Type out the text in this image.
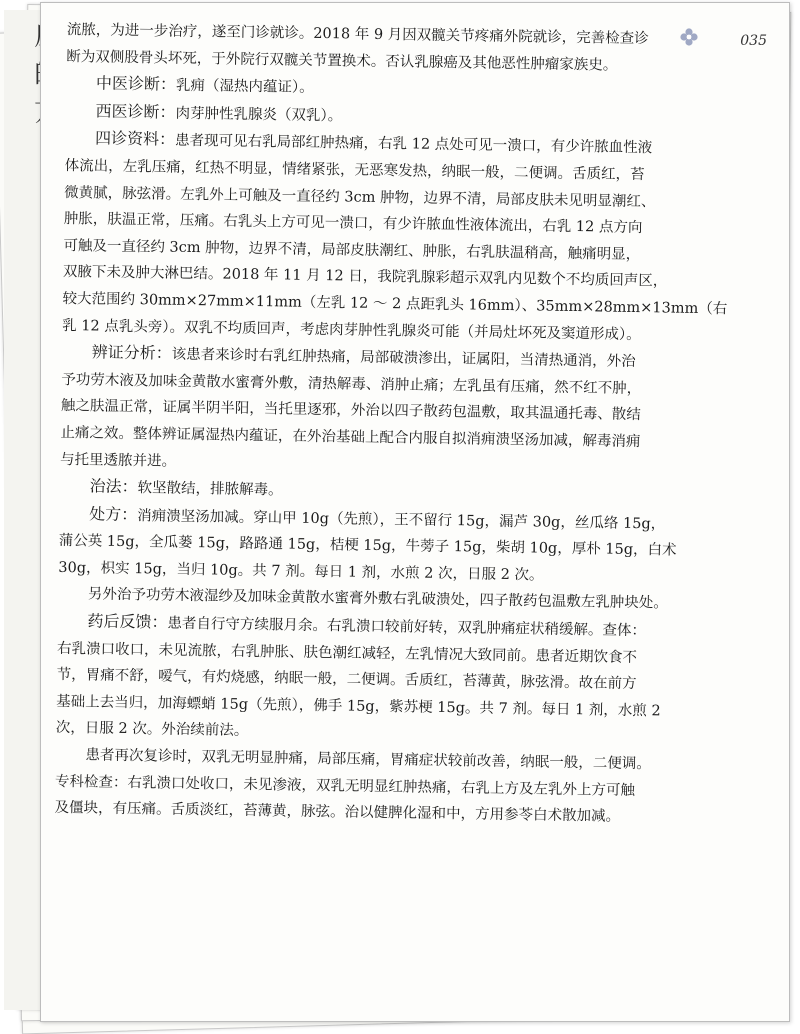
035

流脓，为进一步治疗，遂至门诊就诊。2018 年 9 月因双髋关节疼痛外院就诊，完善检查诊

断为双侧股骨头坏死，于外院行双髋关节置换术。否认乳腺癌及其他恶性肿瘤家族史。

中医诊断：乳痈（湿热内蕴证）。

西医诊断：肉芽肿性乳腺炎（双乳）。

四诊资料：患者现可见右乳局部红肿热痛，右乳 12 点处可见一溃口，有少许脓血性液

体流出，左乳压痛，红热不明显，情绪紧张，无恶寒发热，纳眠一般，二便调。舌质红，苔

微黄腻，脉弦滑。左乳外上可触及一直径约 3cm 肿物，边界不清，局部皮肤未见明显潮红、

肿胀，肤温正常，压痛。右乳头上方可见一溃口，有少许脓血性液体流出，右乳 12 点方向

可触及一直径约 3cm 肿物，边界不清，局部皮肤潮红、肿胀，右乳肤温稍高，触痛明显，

双腋下未及肿大淋巴结。2018 年 11 月 12 日，我院乳腺彩超示双乳内见数个不均质回声区，

较大范围约 30mm×27mm×11mm（左乳 12 ～ 2 点距乳头 16mm）、35mm×28mm×13mm（右

乳 12 点乳头旁）。双乳不均质回声，考虑肉芽肿性乳腺炎可能（并局灶坏死及窦道形成）。

辨证分析：该患者来诊时右乳红肿热痛，局部破溃渗出，证属阳，当清热通消，外治

予功劳木液及加味金黄散水蜜膏外敷，清热解毒、消肿止痛；左乳虽有压痛，然不红不肿，

触之肤温正常，证属半阴半阳，当托里逐邪，外治以四子散药包温敷，取其温通托毒、散结

止痛之效。整体辨证属湿热内蕴证，在外治基础上配合内服自拟消痈溃坚汤加减，解毒消痈

与托里透脓并进。

治法：软坚散结，排脓解毒。

处方：消痈溃坚汤加减。穿山甲 10g（先煎），王不留行 15g，漏芦 30g，丝瓜络 15g，

蒲公英 15g，全瓜蒌 15g，路路通 15g，桔梗 15g，牛蒡子 15g，柴胡 10g，厚朴 15g，白术

30g，枳实 15g，当归 10g。共 7 剂。每日 1 剂，水煎 2 次，日服 2 次。

另外治予功劳木液湿纱及加味金黄散水蜜膏外敷右乳破溃处，四子散药包温敷左乳肿块处。

药后反馈：患者自行守方续服月余。右乳溃口较前好转，双乳肿痛症状稍缓解。查体：

右乳溃口收口，未见流脓，右乳肿胀、肤色潮红减轻，左乳情况大致同前。患者近期饮食不

节，胃痛不舒，嗳气，有灼烧感，纳眠一般，二便调。舌质红，苔薄黄，脉弦滑。故在前方

基础上去当归，加海螵蛸 15g（先煎），佛手 15g，紫苏梗 15g。共 7 剂。每日 1 剂，水煎 2

次，日服 2 次。外治续前法。

患者再次复诊时，双乳无明显肿痛，局部压痛，胃痛症状较前改善，纳眠一般，二便调。

专科检查：右乳溃口处收口，未见渗液，双乳无明显红肿热痛，右乳上方及左乳外上方可触

及僵块，有压痛。舌质淡红，苔薄黄，脉弦。治以健脾化湿和中，方用参苓白术散加减。
